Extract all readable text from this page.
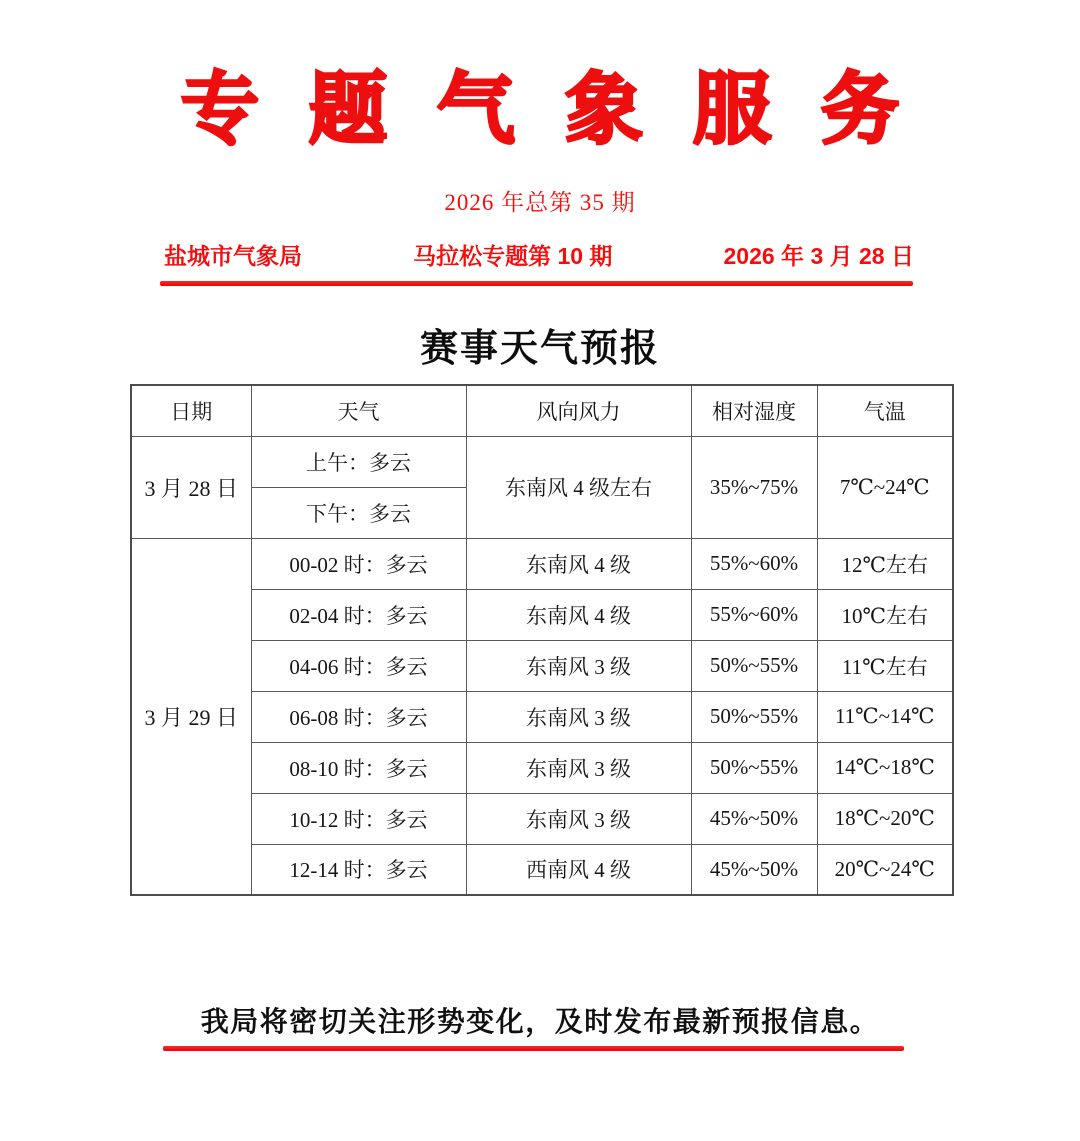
专题气象服务
2026 年总第 35 期
盐城市气象局	马拉松专题第 10 期	2026 年 3 月 28 日
赛事天气预报
日期	天气	风向风力	相对湿度	气温
3 月 28 日	上午：多云	东南风 4 级左右	35%~75%	7℃~24℃
	下午：多云			
3 月 29 日	00-02 时：多云	东南风 4 级	55%~60%	12℃左右
	02-04 时：多云	东南风 4 级	55%~60%	10℃左右
	04-06 时：多云	东南风 3 级	50%~55%	11℃左右
	06-08 时：多云	东南风 3 级	50%~55%	11℃~14℃
	08-10 时：多云	东南风 3 级	50%~55%	14℃~18℃
	10-12 时：多云	东南风 3 级	45%~50%	18℃~20℃
	12-14 时：多云	西南风 4 级	45%~50%	20℃~24℃
我局将密切关注形势变化，及时发布最新预报信息。
